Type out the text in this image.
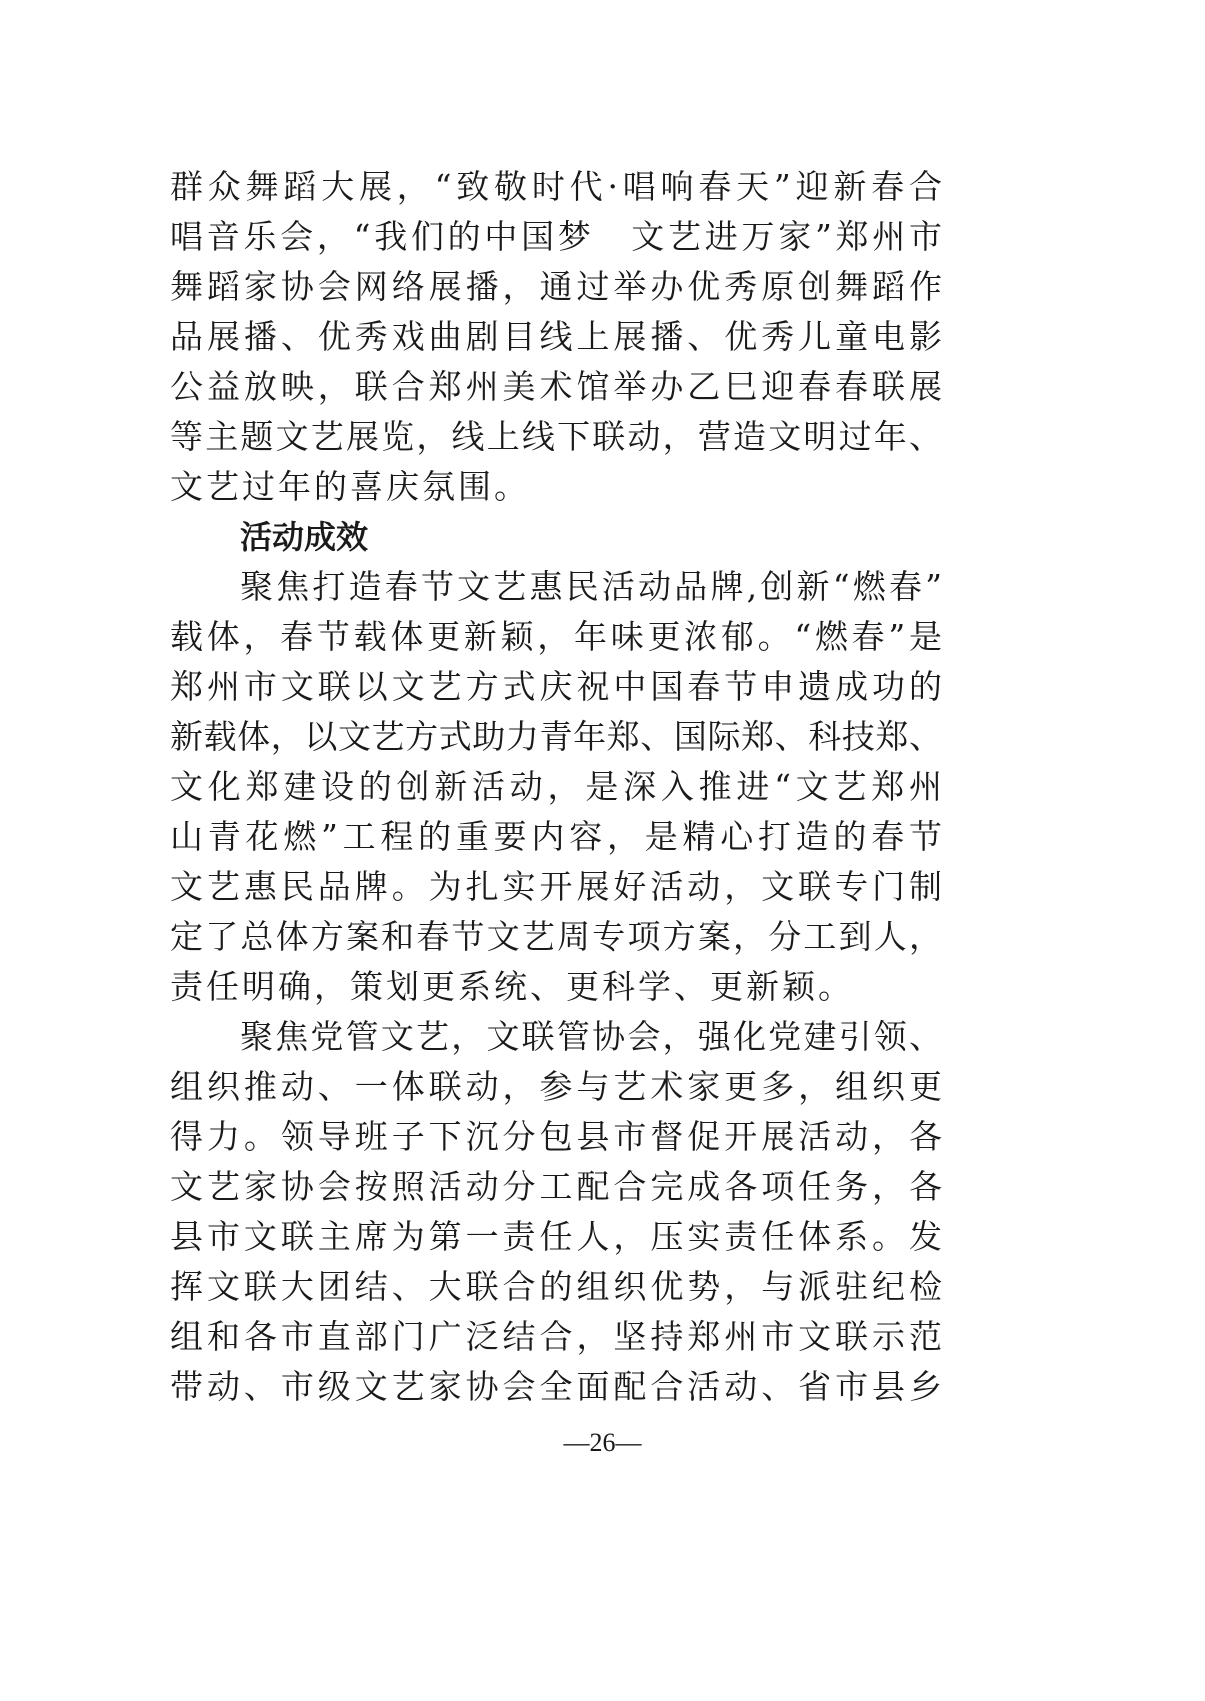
群众舞蹈大展，“致敬时代·唱响春天”迎新春合
唱音乐会，“我们的中国梦　文艺进万家”郑州市
舞蹈家协会网络展播，通过举办优秀原创舞蹈作
品展播、优秀戏曲剧目线上展播、优秀儿童电影
公益放映，联合郑州美术馆举办乙巳迎春春联展
等主题文艺展览，线上线下联动，营造文明过年、
文艺过年的喜庆氛围。
活动成效
聚焦打造春节文艺惠民活动品牌,创新“燃春”
载体，春节载体更新颖，年味更浓郁。“燃春”是
郑州市文联以文艺方式庆祝中国春节申遗成功的
新载体，以文艺方式助力青年郑、国际郑、科技郑、
文化郑建设的创新活动，是深入推进“文艺郑州
山青花燃”工程的重要内容，是精心打造的春节
文艺惠民品牌。为扎实开展好活动，文联专门制
定了总体方案和春节文艺周专项方案，分工到人，
责任明确，策划更系统、更科学、更新颖。
聚焦党管文艺，文联管协会，强化党建引领、
组织推动、一体联动，参与艺术家更多，组织更
得力。领导班子下沉分包县市督促开展活动，各
文艺家协会按照活动分工配合完成各项任务，各
县市文联主席为第一责任人，压实责任体系。发
挥文联大团结、大联合的组织优势，与派驻纪检
组和各市直部门广泛结合，坚持郑州市文联示范
带动、市级文艺家协会全面配合活动、省市县乡
—26—
